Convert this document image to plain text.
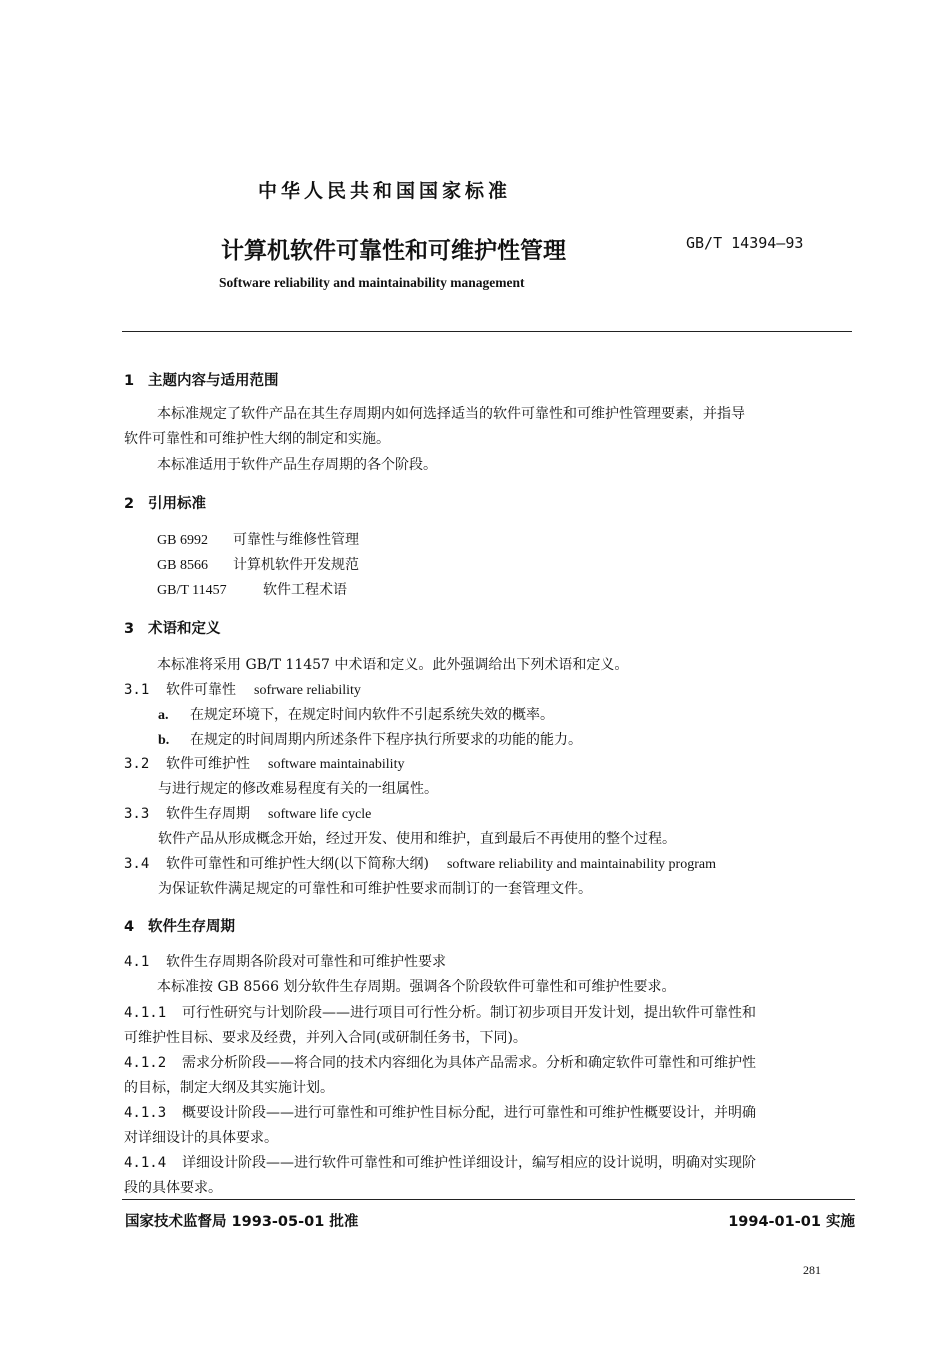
中华人民共和国国家标准
计算机软件可靠性和可维护性管理	GB/T 14394—93
Software reliability and maintainability management
1 主题内容与适用范围
本标准规定了软件产品在其生存周期内如何选择适当的软件可靠性和可维护性管理要素，并指导
软件可靠性和可维护性大纲的制定和实施。
本标准适用于软件产品生存周期的各个阶段。
2 引用标准
GB 6992 可靠性与维修性管理
GB 8566 计算机软件开发规范
GB/T 11457	软件工程术语
3 术语和定义
本标准将采用 GB/T 11457 中术语和定义。此外强调给出下列术语和定义。
3.1 软件可靠性 sofrware reliability
a. 在规定环境下，在规定时间内软件不引起系统失效的概率。
b. 在规定的时间周期内所述条件下程序执行所要求的功能的能力。
3.2 软件可维护性 software maintainability
与进行规定的修改难易程度有关的一组属性。
3.3 软件生存周期 software life cycle
软件产品从形成概念开始，经过开发、使用和维护，直到最后不再使用的整个过程。
3.4 软件可靠性和可维护性大纲(以下简称大纲) software reliability and maintainability program
为保证软件满足规定的可靠性和可维护性要求而制订的一套管理文件。
4 软件生存周期
4.1 软件生存周期各阶段对可靠性和可维护性要求
本标准按 GB 8566 划分软件生存周期。强调各个阶段软件可靠性和可维护性要求。
4.1.1 可行性研究与计划阶段——进行项目可行性分析。制订初步项目开发计划，提出软件可靠性和
可维护性目标、要求及经费，并列入合同(或研制任务书，下同)。
4.1.2 需求分析阶段——将合同的技术内容细化为具体产品需求。分析和确定软件可靠性和可维护性
的目标，制定大纲及其实施计划。
4.1.3 概要设计阶段——进行可靠性和可维护性目标分配，进行可靠性和可维护性概要设计，并明确
对详细设计的具体要求。
4.1.4 详细设计阶段——进行软件可靠性和可维护性详细设计，编写相应的设计说明，明确对实现阶
段的具体要求。
国家技术监督局 1993-05-01 批准	1994-01-01 实施
281
